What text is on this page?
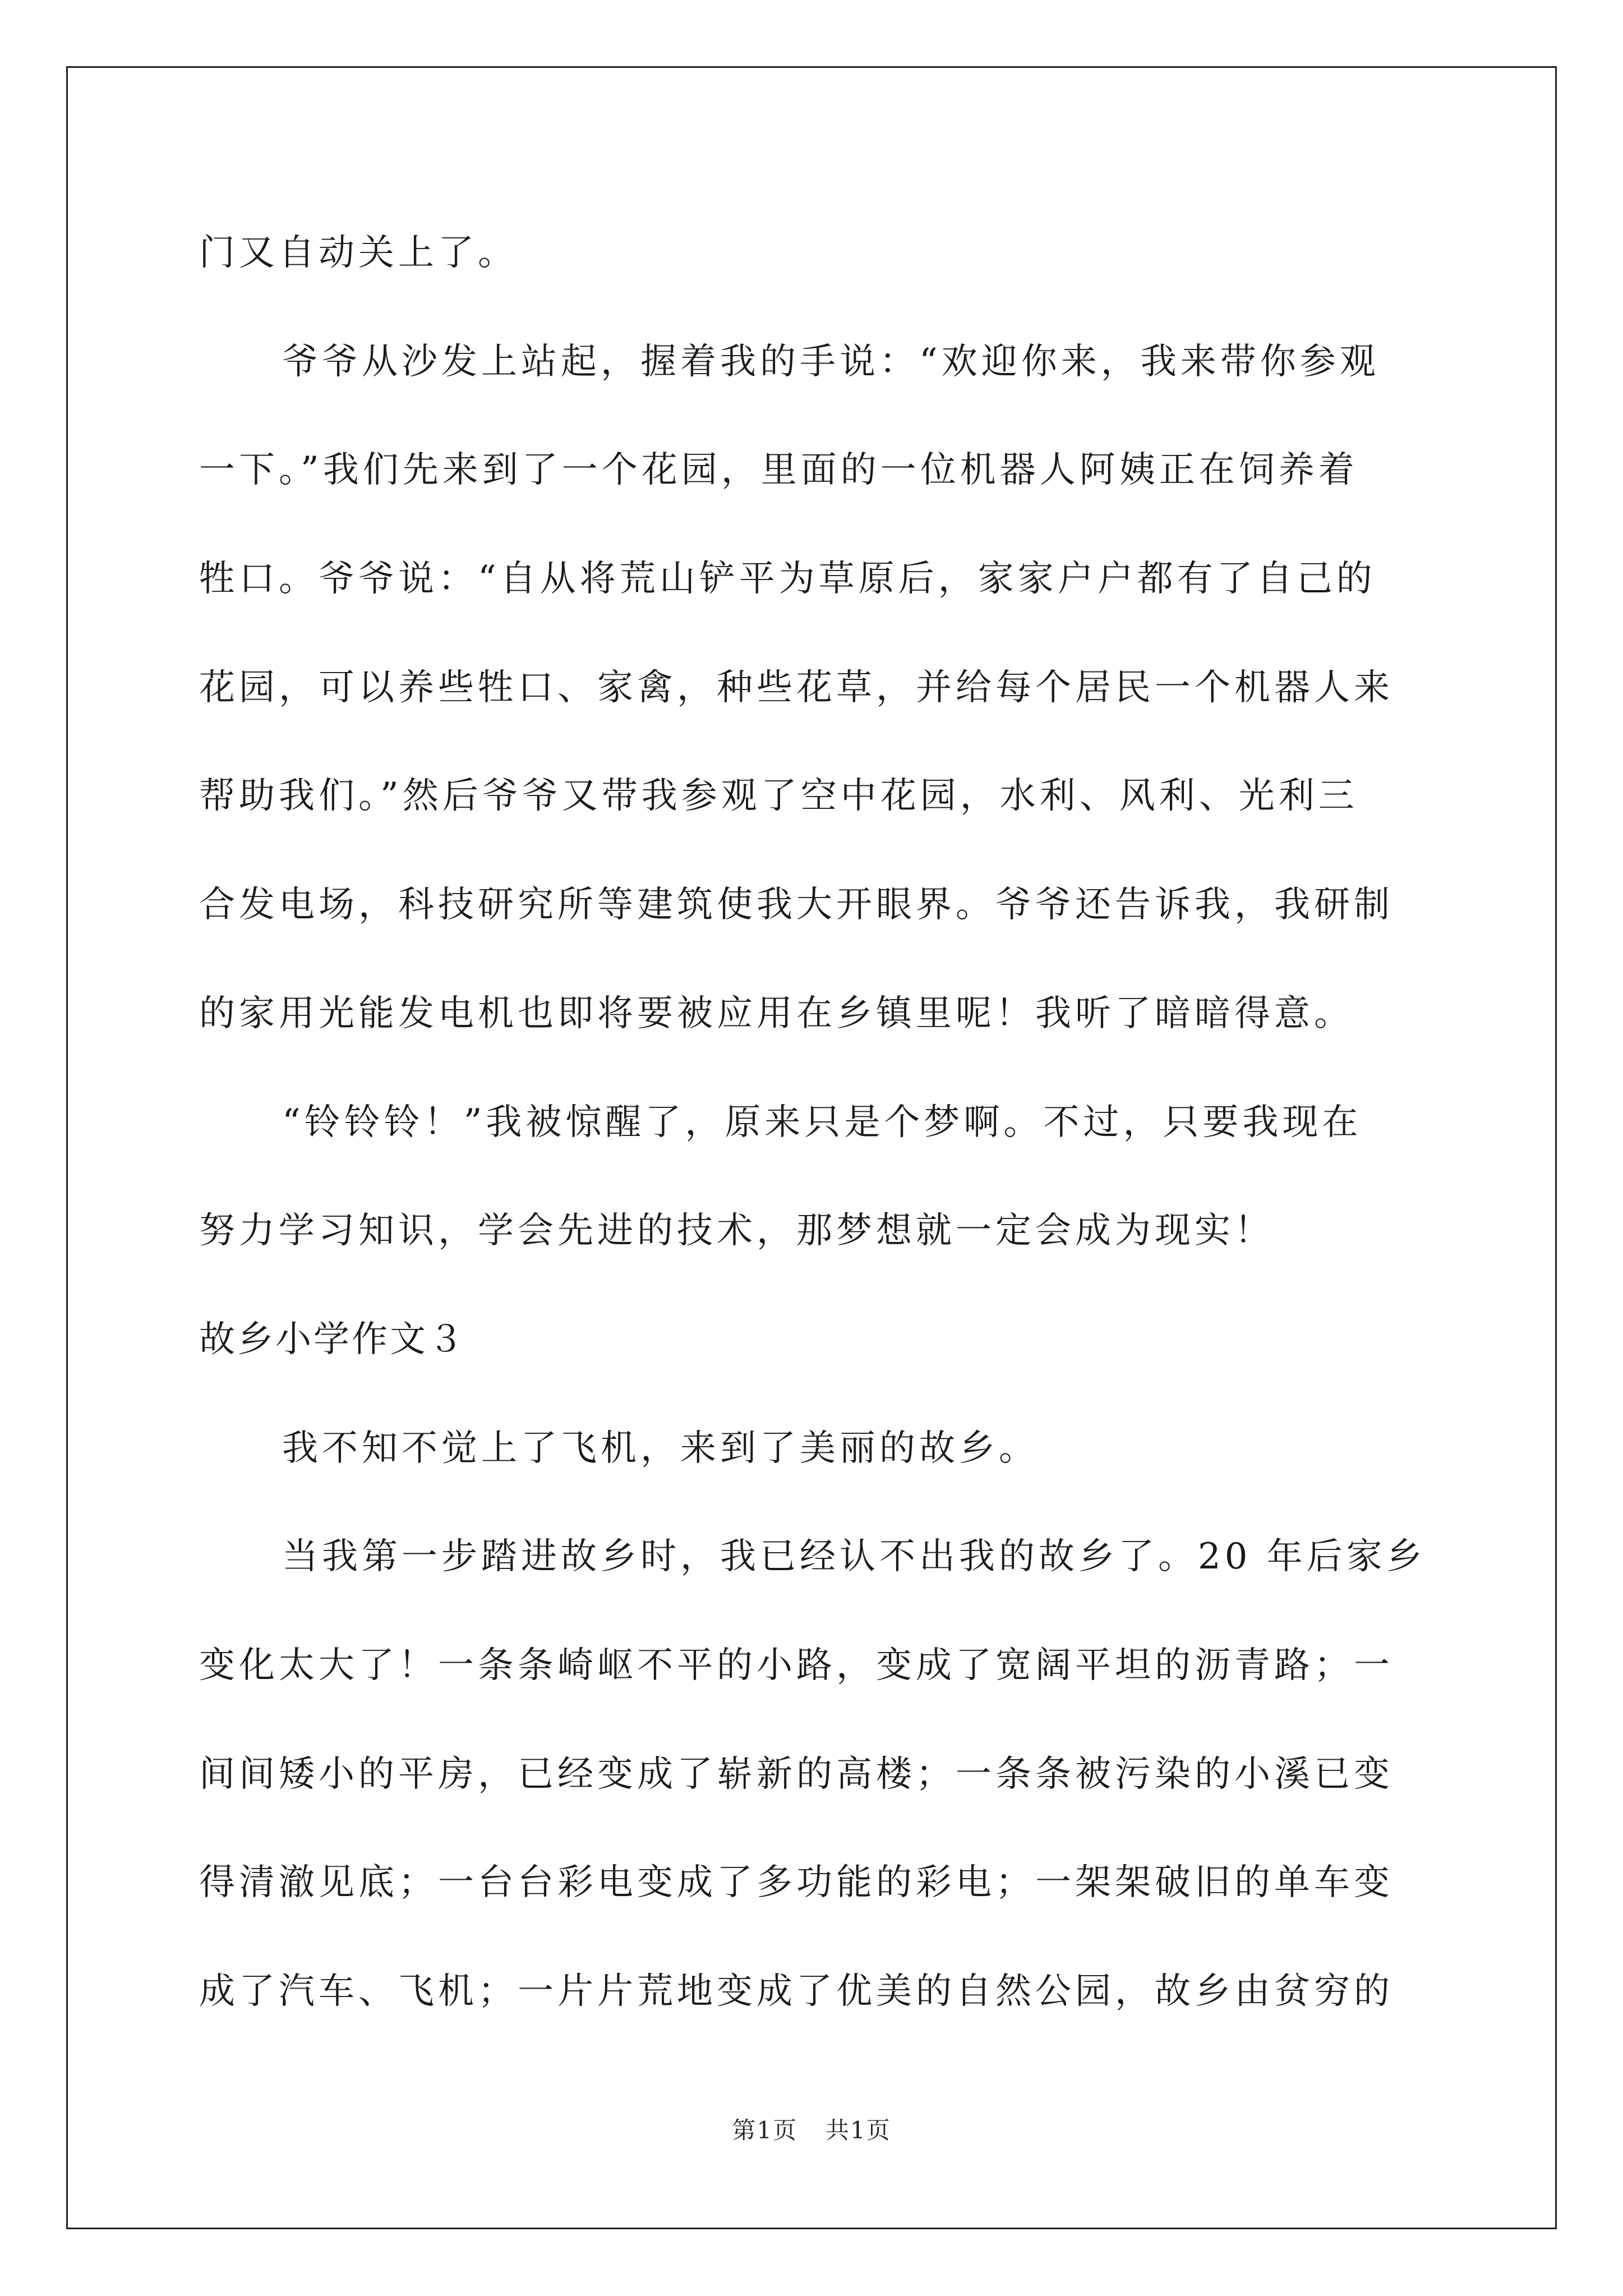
门又自动关上了。
爷爷从沙发上站起，握着我的手说：“欢迎你来，我来带你参观
一下。”我们先来到了一个花园，里面的一位机器人阿姨正在饲养着
牲口。爷爷说：“自从将荒山铲平为草原后，家家户户都有了自己的
花园，可以养些牲口、家禽，种些花草，并给每个居民一个机器人来
帮助我们。”然后爷爷又带我参观了空中花园，水利、风利、光利三
合发电场，科技研究所等建筑使我大开眼界。爷爷还告诉我，我研制
的家用光能发电机也即将要被应用在乡镇里呢！我听了暗暗得意。
“铃铃铃！”我被惊醒了，原来只是个梦啊。不过，只要我现在
努力学习知识，学会先进的技术，那梦想就一定会成为现实！
故乡小学作文３
我不知不觉上了飞机，来到了美丽的故乡。
当我第一步踏进故乡时，我已经认不出我的故乡了。20 年后家乡
变化太大了！一条条崎岖不平的小路，变成了宽阔平坦的沥青路；一
间间矮小的平房，已经变成了崭新的高楼；一条条被污染的小溪已变
得清澈见底；一台台彩电变成了多功能的彩电；一架架破旧的单车变
成了汽车、飞机；一片片荒地变成了优美的自然公园，故乡由贫穷的
第1页 共1页
